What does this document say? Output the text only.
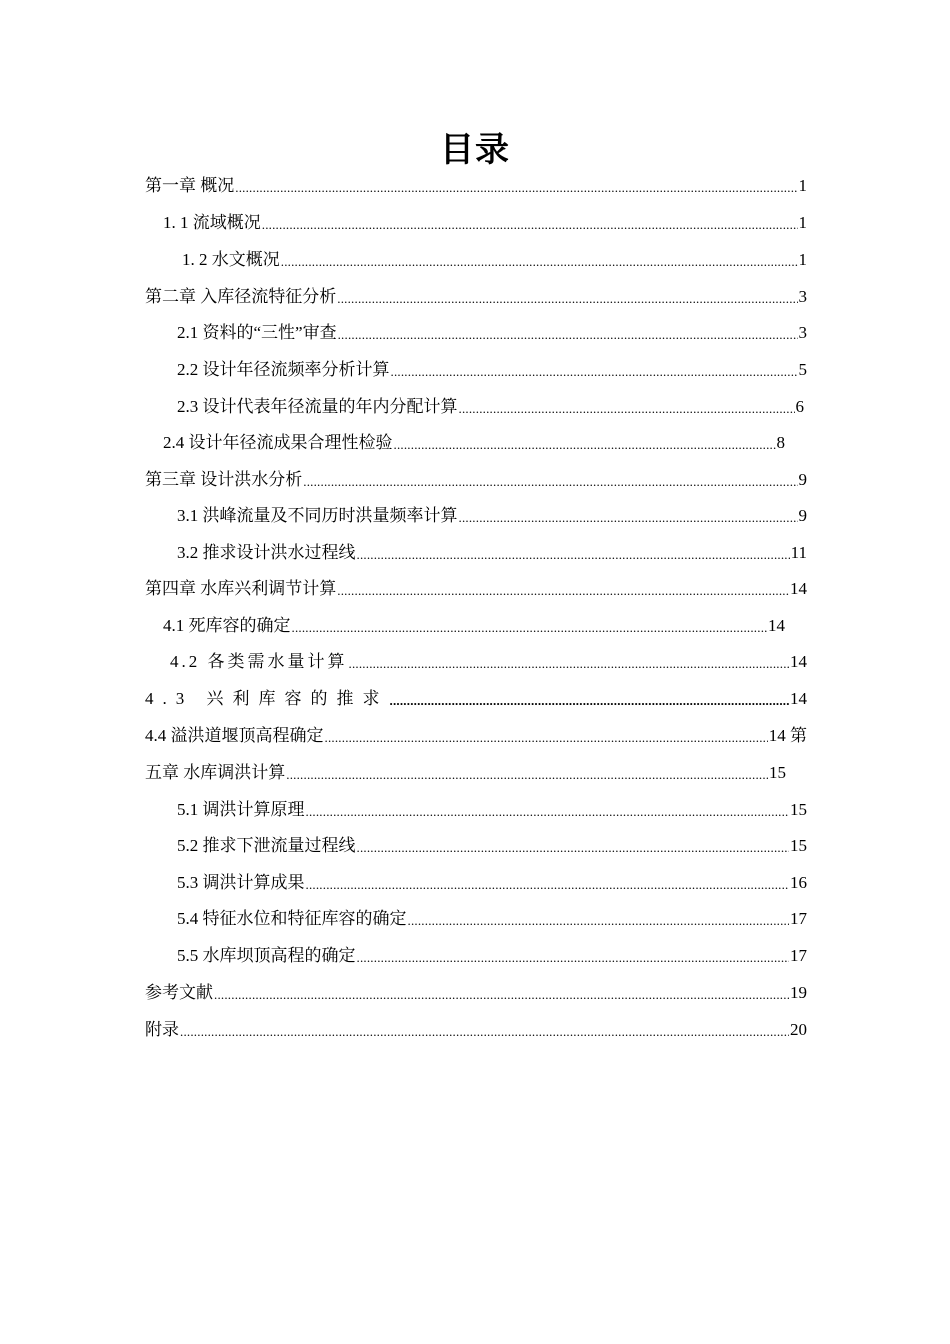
目录
第一章 概况 .....	1
1. 1 流域概况 .....	1
1. 2 水文概况 .....	1
第二章 入库径流特征分析 .....	3
2.1 资料的“三性”审查 .....	3
2.2 设计年径流频率分析计算 .....	5
2.3 设计代表年径流量的年内分配计算 .....	6
2.4 设计年径流成果合理性检验 .....	8
第三章 设计洪水分析 .....	9
3.1 洪峰流量及不同历时洪量频率计算 .....	9
3.2 推求设计洪水过程线 .....	11
第四章 水库兴利调节计算 .....	14
4.1 死库容的确定 .....	14
4.2 各类需水量计算 .....	14
4.3 兴利库容的推求 .....	14
4.4 溢洪道堰顶高程确定 .....	14 第
五章 水库调洪计算 .....	15
5.1 调洪计算原理 .....	15
5.2 推求下泄流量过程线 .....	15
5.3 调洪计算成果 .....	16
5.4 特征水位和特征库容的确定 .....	17
5.5 水库坝顶高程的确定 .....	17
参考文献 .....	19
附录 .....	20
